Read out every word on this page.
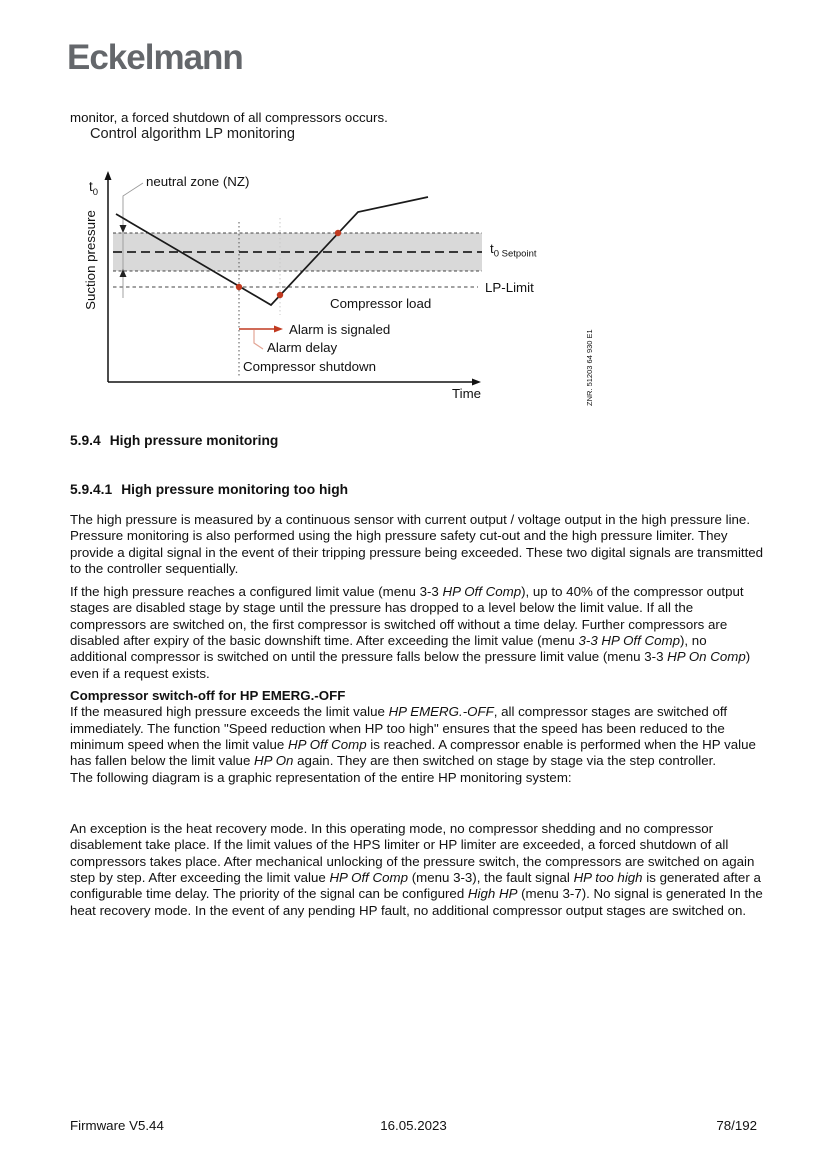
Eckelmann
monitor, a forced shutdown of all compressors occurs.
Control algorithm LP monitoring
$t_0$
neutral zone (NZ)
Suction pressure	$t_{0 Setpoint}$
LP-Limit
Compressor load
Alarm is signaled
Alarm delay
Compressor shutdown
Time	ZNR. 51203 64 930 E1
5.9.4 High pressure monitoring
5.9.4.1 High pressure monitoring too high
The high pressure is measured by a continuous sensor with current output / voltage output in the high pressure line. Pressure monitoring is also performed using the high pressure safety cut-out and the high pressure limiter. They provide a digital signal in the event of their tripping pressure being exceeded. These two digital signals are transmitted to the controller sequentially.
If the high pressure reaches a configured limit value (menu 3-3 HP Off Comp), up to 40% of the compressor output stages are disabled stage by stage until the pressure has dropped to a level below the limit value. If all the compressors are switched on, the first compressor is switched off without a time delay. Further compressors are disabled after expiry of the basic downshift time. After exceeding the limit value (menu 3-3 HP Off Comp), no additional compressor is switched on until the pressure falls below the pressure limit value (menu 3-3 HP On Comp) even if a request exists.
Compressor switch-off for HP EMERG.-OFF
If the measured high pressure exceeds the limit value HP EMERG.-OFF, all compressor stages are switched off immediately. The function "Speed reduction when HP too high" ensures that the speed has been reduced to the minimum speed when the limit value HP Off Comp is reached. A compressor enable is performed when the HP value has fallen below the limit value HP On again. They are then switched on stage by stage via the step controller.
The following diagram is a graphic representation of the entire HP monitoring system:
An exception is the heat recovery mode. In this operating mode, no compressor shedding and no compressor disablement take place. If the limit values of the HPS limiter or HP limiter are exceeded, a forced shutdown of all compressors takes place. After mechanical unlocking of the pressure switch, the compressors are switched on again step by step. After exceeding the limit value HP Off Comp (menu 3-3), the fault signal HP too high is generated after a configurable time delay. The priority of the signal can be configured High HP (menu 3-7). No signal is generated In the heat recovery mode. In the event of any pending HP fault, no additional compressor output stages are switched on.
Firmware V5.44	16.05.2023	78/192
